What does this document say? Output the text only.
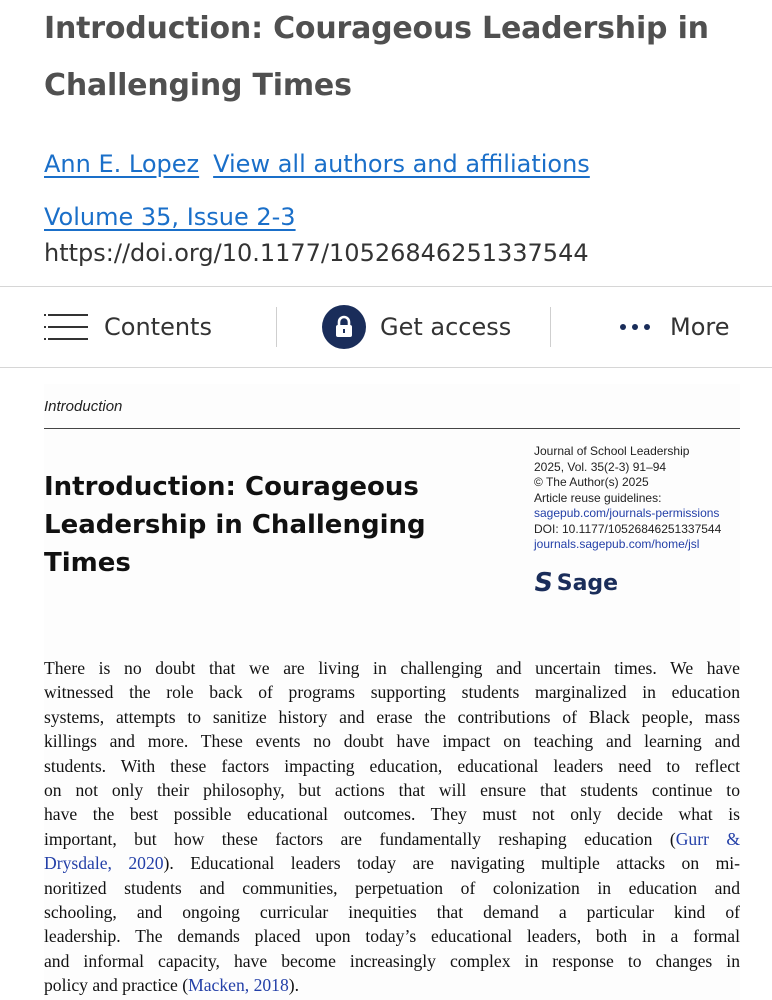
Introduction: Courageous Leadership in
Challenging Times
Ann E. Lopez View all authors and affiliations
Volume 35, Issue 2-3
https://doi.org/10.1177/10526846251337544
Contents	Get access	More
Introduction
Introduction: Courageous
Leadership in Challenging
Times
Journal of School Leadership
2025, Vol. 35(2-3) 91–94
© The Author(s) 2025
Article reuse guidelines:
sagepub.com/journals-permissions
DOI: 10.1177/10526846251337544
journals.sagepub.com/home/jsl
S Sage
There is no doubt that we are living in challenging and uncertain times. We have
witnessed the role back of programs supporting students marginalized in education
systems, attempts to sanitize history and erase the contributions of Black people, mass
killings and more. These events no doubt have impact on teaching and learning and
students. With these factors impacting education, educational leaders need to reflect
on not only their philosophy, but actions that will ensure that students continue to
have the best possible educational outcomes. They must not only decide what is
important, but how these factors are fundamentally reshaping education (Gurr &
Drysdale, 2020). Educational leaders today are navigating multiple attacks on mi-
noritized students and communities, perpetuation of colonization in education and
schooling, and ongoing curricular inequities that demand a particular kind of
leadership. The demands placed upon today’s educational leaders, both in a formal
and informal capacity, have become increasingly complex in response to changes in
policy and practice (Macken, 2018).
